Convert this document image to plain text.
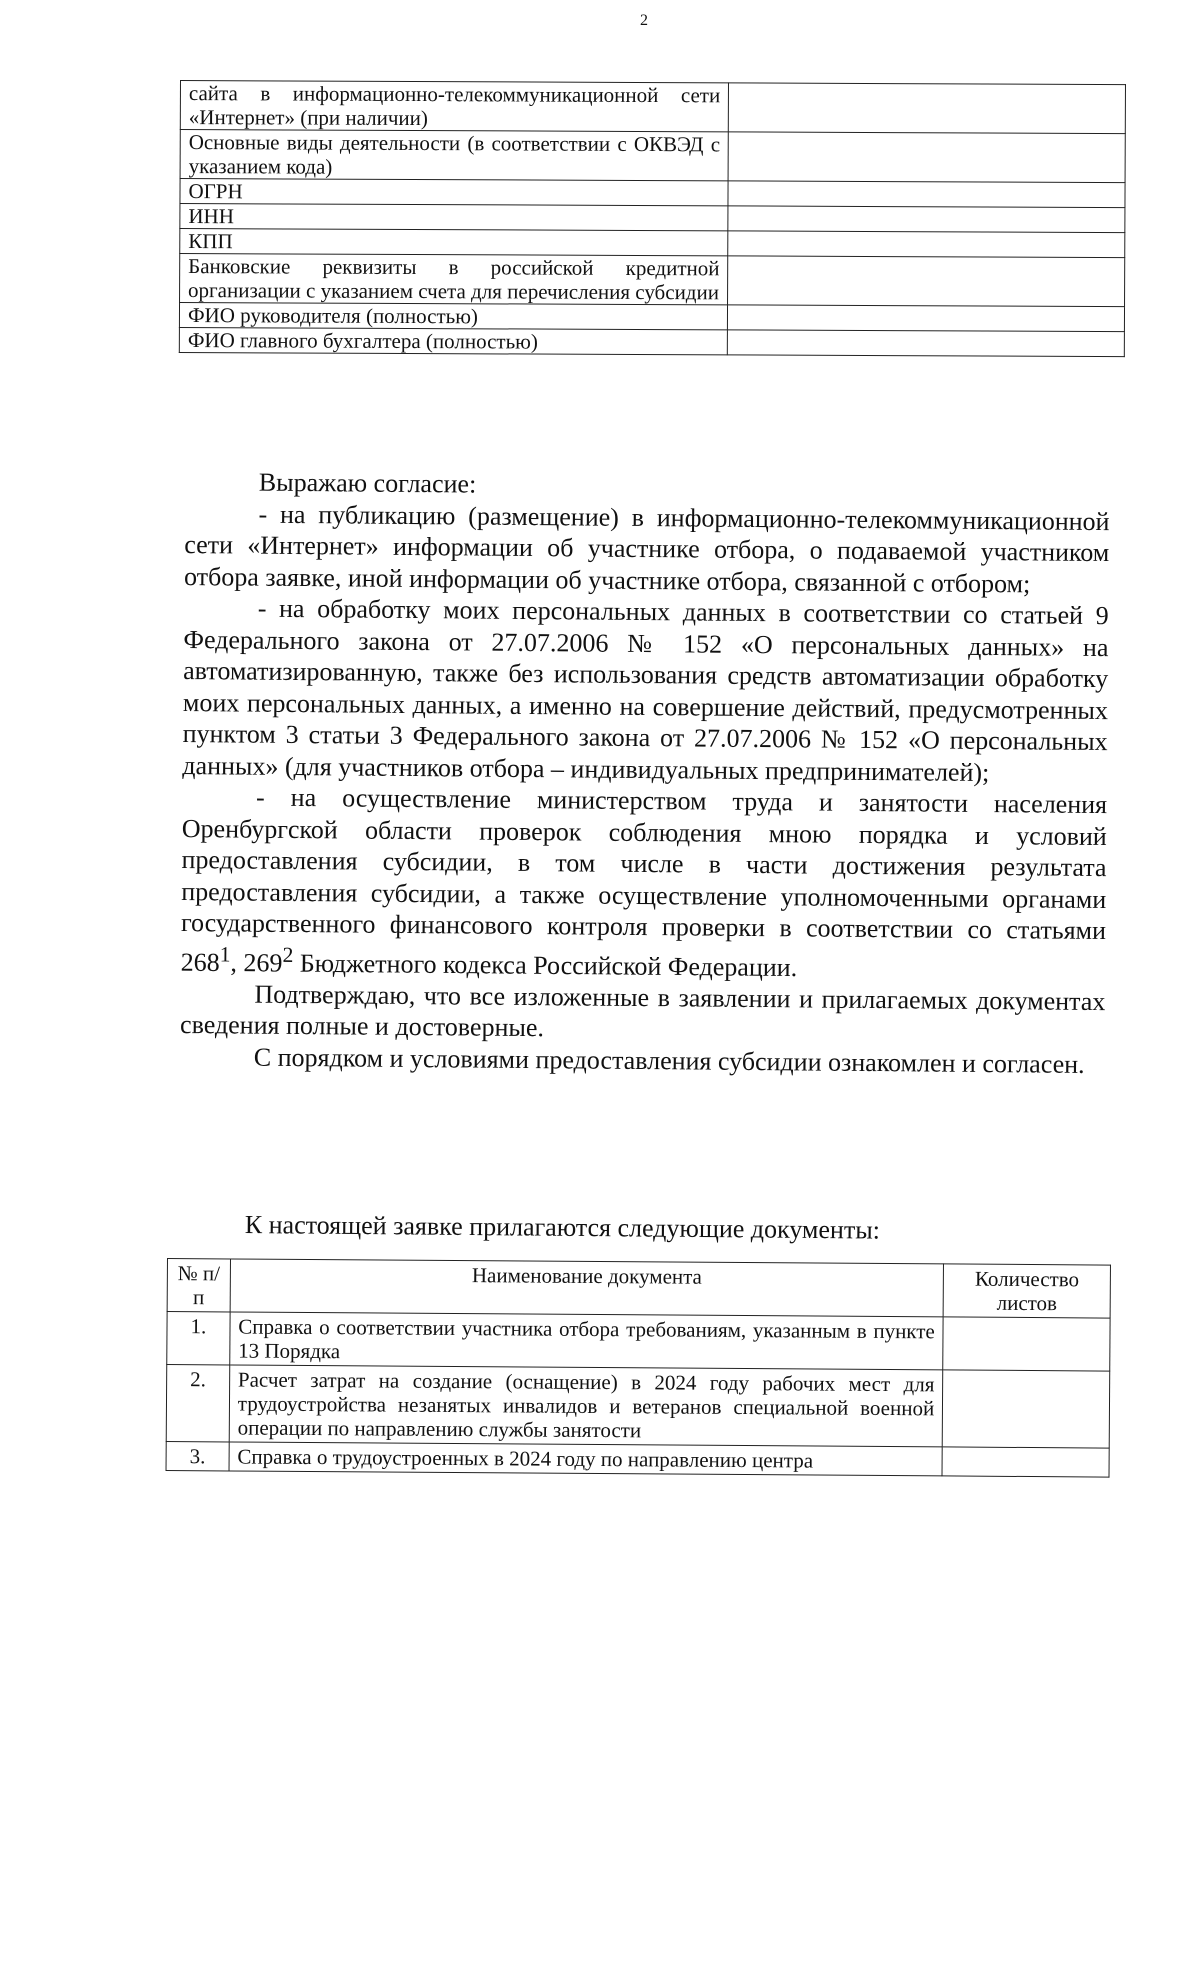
2
сайта в информационно-телекоммуникационной сети «Интернет» (при наличии)	
Основные виды деятельности (в соответствии с ОКВЭД с указанием кода)	
ОГРН	
ИНН	
КПП	
Банковские реквизиты в российской кредитной организации с указанием счета для перечисления субсидии	
ФИО руководителя (полностью)	
ФИО главного бухгалтера (полностью)	

Выражаю согласие:

- на публикацию (размещение) в информационно-телекоммуникационной сети «Интернет» информации об участнике отбора, о подаваемой участником отбора заявке, иной информации об участнике отбора, связанной с отбором;

- на обработку моих персональных данных в соответствии со статьей 9 Федерального закона от 27.07.2006 № 152 «О персональных данных» на автоматизированную, также без использования средств автоматизации обработку моих персональных данных, а именно на совершение действий, предусмотренных пунктом 3 статьи 3 Федерального закона от 27.07.2006 № 152 «О персональных данных» (для участников отбора – индивидуальных предпринимателей);

- на осуществление министерством труда и занятости населения Оренбургской области проверок соблюдения мною порядка и условий предоставления субсидии, в том числе в части достижения результата предоставления субсидии, а также осуществление уполномоченными органами государственного финансового контроля проверки в соответствии со статьями $268^1$, $269^2$ Бюджетного кодекса Российской Федерации.

Подтверждаю, что все изложенные в заявлении и прилагаемых документах сведения полные и достоверные.

С порядком и условиями предоставления субсидии ознакомлен и согласен.

К настоящей заявке прилагаются следующие документы:
№ п/п	Наименование документа	Количество листов
1.	Справка о соответствии участника отбора требованиям, указанным в пункте 13 Порядка	
2.	Расчет затрат на создание (оснащение) в 2024 году рабочих мест для трудоустройства незанятых инвалидов и ветеранов специальной военной операции по направлению службы занятости	
3.	Справка о трудоустроенных в 2024 году по направлению центра	
